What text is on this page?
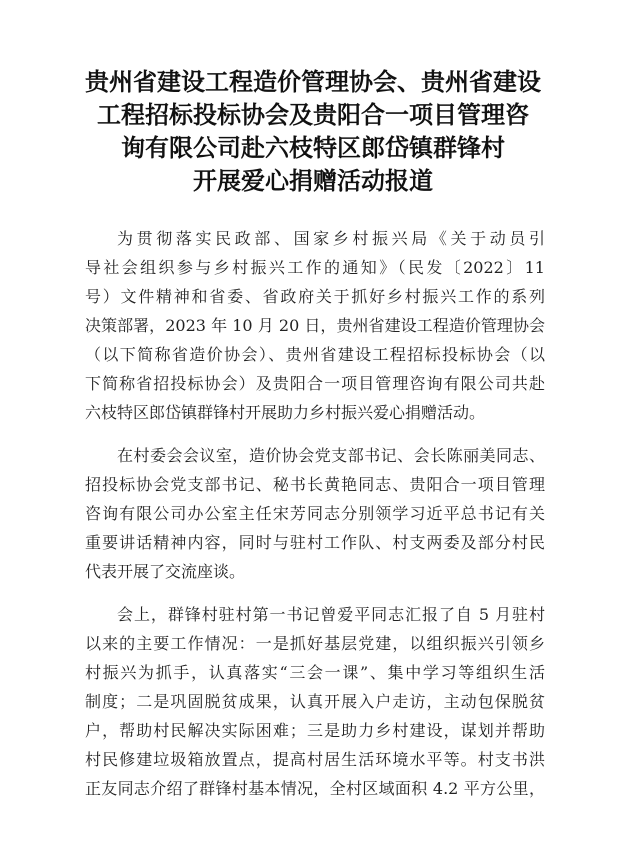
贵州省建设工程造价管理协会、贵州省建设
工程招标投标协会及贵阳合一项目管理咨
询有限公司赴六枝特区郎岱镇群锋村
开展爱心捐赠活动报道
为贯彻落实民政部、国家乡村振兴局《关于动员引
导社会组织参与乡村振兴工作的通知》（民发〔2022〕11
号）文件精神和省委、省政府关于抓好乡村振兴工作的系列
决策部署，2023 年 10 月 20 日，贵州省建设工程造价管理协会
（以下简称省造价协会）、贵州省建设工程招标投标协会（以
下简称省招投标协会）及贵阳合一项目管理咨询有限公司共赴
六枝特区郎岱镇群锋村开展助力乡村振兴爱心捐赠活动。
在村委会会议室，造价协会党支部书记、会长陈丽美同志、
招投标协会党支部书记、秘书长黄艳同志、贵阳合一项目管理
咨询有限公司办公室主任宋芳同志分别领学习近平总书记有关
重要讲话精神内容，同时与驻村工作队、村支两委及部分村民
代表开展了交流座谈。
会上，群锋村驻村第一书记曾爱平同志汇报了自 5 月驻村
以来的主要工作情况：一是抓好基层党建，以组织振兴引领乡
村振兴为抓手，认真落实“三会一课”、集中学习等组织生活
制度；二是巩固脱贫成果，认真开展入户走访，主动包保脱贫
户，帮助村民解决实际困难；三是助力乡村建设，谋划并帮助
村民修建垃圾箱放置点，提高村居生活环境水平等。村支书洪
正友同志介绍了群锋村基本情况，全村区域面积 4.2 平方公里，
